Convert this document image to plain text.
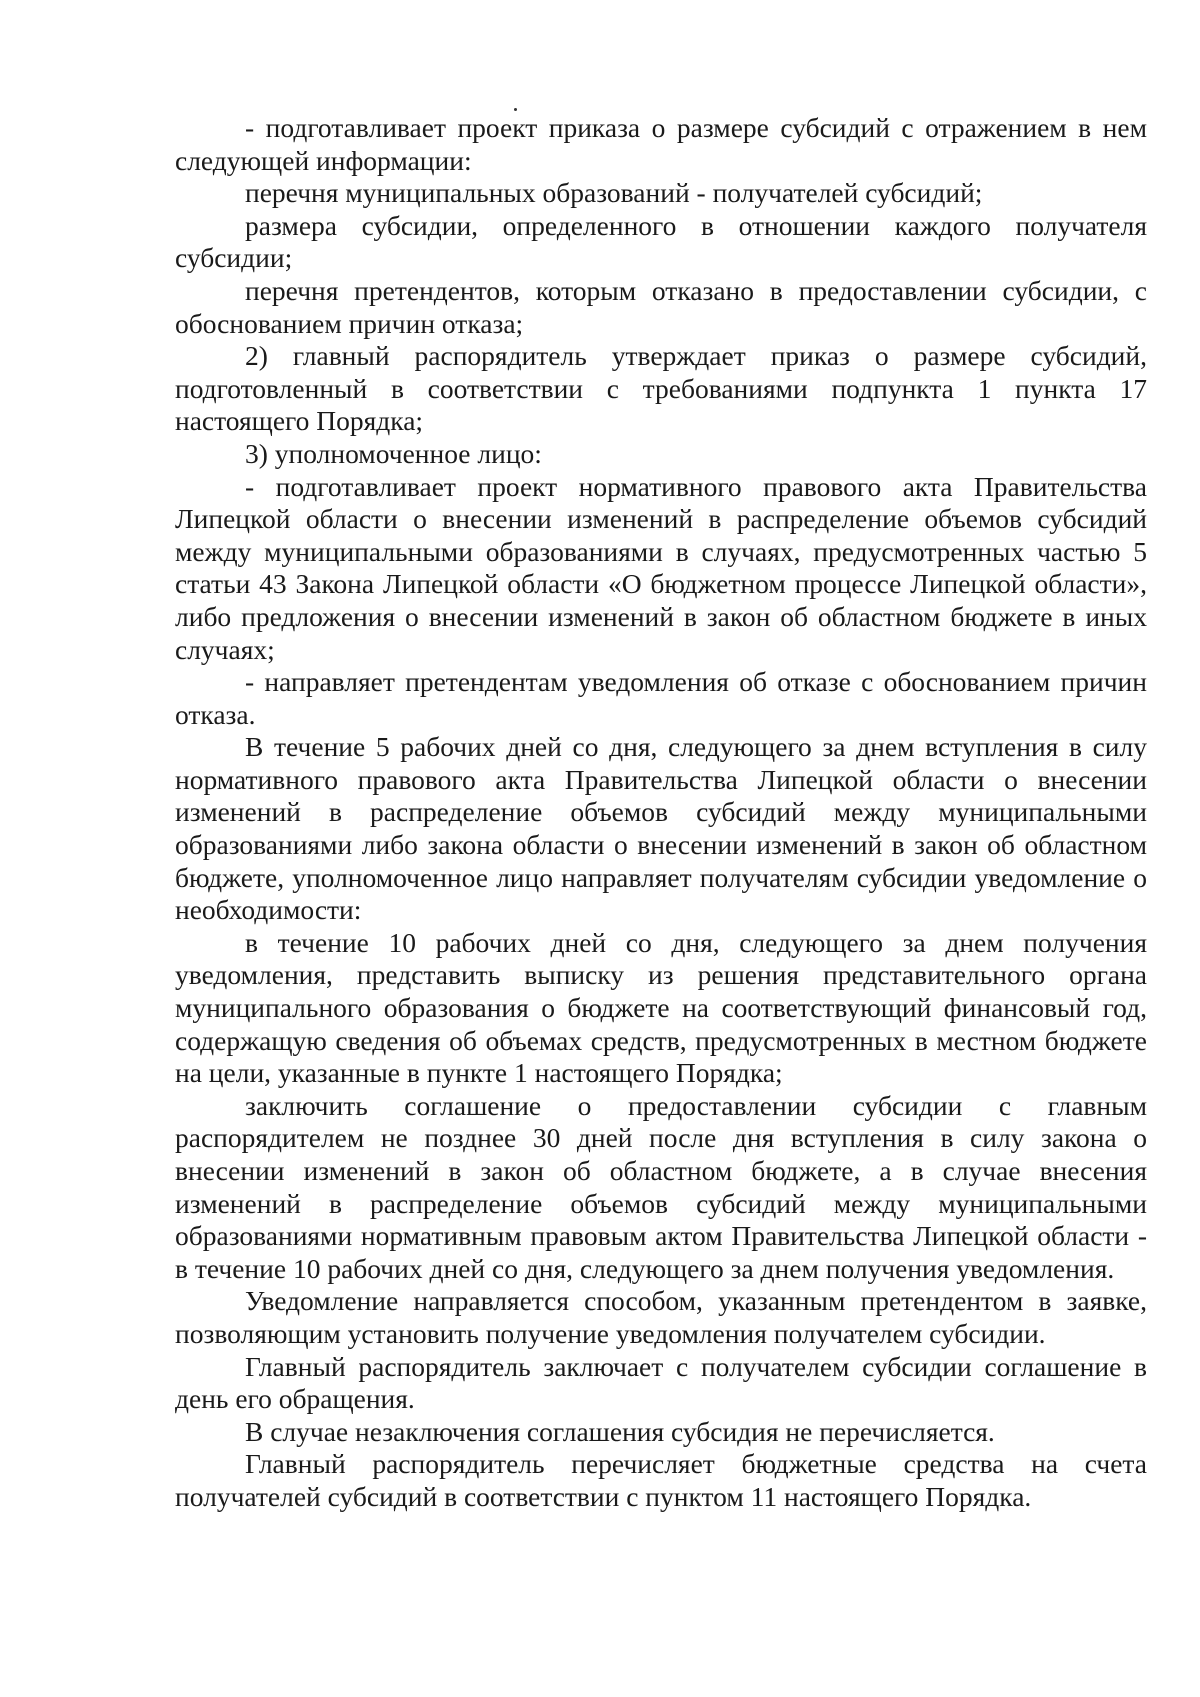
- подготавливает проект приказа о размере субсидий с отражением в нем следующей информации:

перечня муниципальных образований - получателей субсидий;

размера субсидии, определенного в отношении каждого получателя субсидии;

перечня претендентов, которым отказано в предоставлении субсидии, с обоснованием причин отказа;

2) главный распорядитель утверждает приказ о размере субсидий, подготовленный в соответствии с требованиями подпункта 1 пункта 17 настоящего Порядка;

3) уполномоченное лицо:

- подготавливает проект нормативного правового акта Правительства Липецкой области о внесении изменений в распределение объемов субсидий между муниципальными образованиями в случаях, предусмотренных частью 5 статьи 43 Закона Липецкой области «О бюджетном процессе Липецкой области», либо предложения о внесении изменений в закон об областном бюджете в иных случаях;

- направляет претендентам уведомления об отказе с обоснованием причин отказа.

В течение 5 рабочих дней со дня, следующего за днем вступления в силу нормативного правового акта Правительства Липецкой области о внесении изменений в распределение объемов субсидий между муниципальными образованиями либо закона области о внесении изменений в закон об областном бюджете, уполномоченное лицо направляет получателям субсидии уведомление о необходимости:

в течение 10 рабочих дней со дня, следующего за днем получения уведомления, представить выписку из решения представительного органа муниципального образования о бюджете на соответствующий финансовый год, содержащую сведения об объемах средств, предусмотренных в местном бюджете на цели, указанные в пункте 1 настоящего Порядка;

заключить соглашение о предоставлении субсидии с главным распорядителем не позднее 30 дней после дня вступления в силу закона о внесении изменений в закон об областном бюджете, а в случае внесения изменений в распределение объемов субсидий между муниципальными образованиями нормативным правовым актом Правительства Липецкой области - в течение 10 рабочих дней со дня, следующего за днем получения уведомления.

Уведомление направляется способом, указанным претендентом в заявке, позволяющим установить получение уведомления получателем субсидии.

Главный распорядитель заключает с получателем субсидии соглашение в день его обращения.

В случае незаключения соглашения субсидия не перечисляется.

Главный распорядитель перечисляет бюджетные средства на счета получателей субсидий в соответствии с пунктом 11 настоящего Порядка.
